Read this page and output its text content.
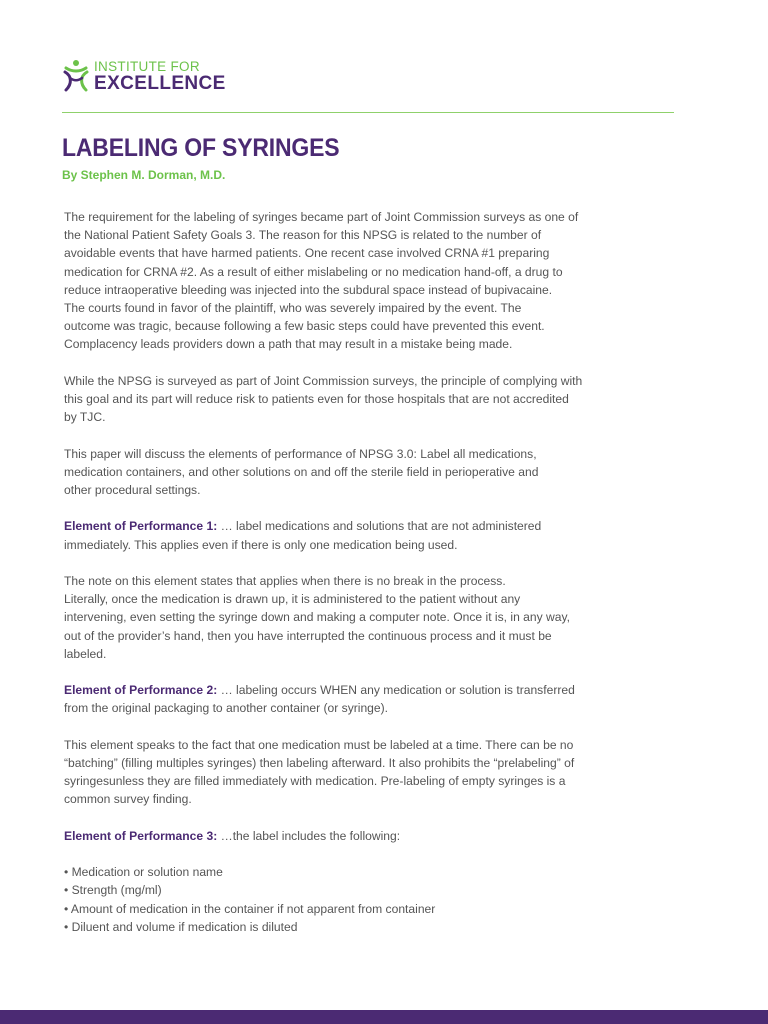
INSTITUTE FOR
EXCELLENCE
LABELING OF SYRINGES
By Stephen M. Dorman, M.D.

The requirement for the labeling of syringes became part of Joint Commission surveys as one of
the National Patient Safety Goals 3. The reason for this NPSG is related to the number of
avoidable events that have harmed patients. One recent case involved CRNA #1 preparing
medication for CRNA #2. As a result of either mislabeling or no medication hand-off, a drug to
reduce intraoperative bleeding was injected into the subdural space instead of bupivacaine.
The courts found in favor of the plaintiff, who was severely impaired by the event. The
outcome was tragic, because following a few basic steps could have prevented this event.
Complacency leads providers down a path that may result in a mistake being made.

While the NPSG is surveyed as part of Joint Commission surveys, the principle of complying with
this goal and its part will reduce risk to patients even for those hospitals that are not accredited
by TJC.

This paper will discuss the elements of performance of NPSG 3.0: Label all medications,
medication containers, and other solutions on and off the sterile field in perioperative and
other procedural settings.

Element of Performance 1: … label medications and solutions that are not administered
immediately. This applies even if there is only one medication being used.

The note on this element states that applies when there is no break in the process.
Literally, once the medication is drawn up, it is administered to the patient without any
intervening, even setting the syringe down and making a computer note. Once it is, in any way,
out of the provider’s hand, then you have interrupted the continuous process and it must be
labeled.

Element of Performance 2: … labeling occurs WHEN any medication or solution is transferred
from the original packaging to another container (or syringe).

This element speaks to the fact that one medication must be labeled at a time. There can be no
“batching” (filling multiples syringes) then labeling afterward. It also prohibits the “prelabeling” of
syringesunless they are filled immediately with medication. Pre-labeling of empty syringes is a
common survey finding.

Element of Performance 3: …the label includes the following:

• Medication or solution name
• Strength (mg/ml)
• Amount of medication in the container if not apparent from container
• Diluent and volume if medication is diluted
